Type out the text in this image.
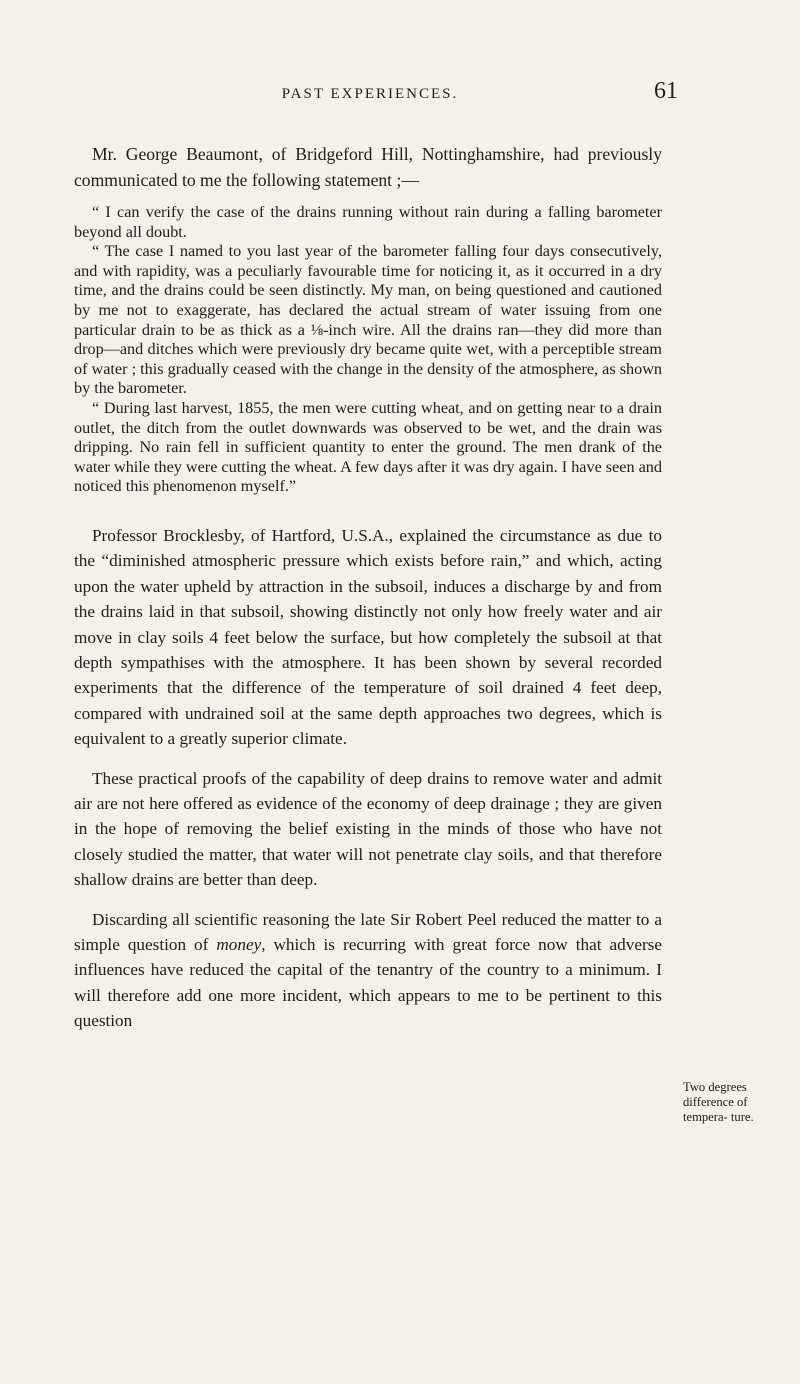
PAST EXPERIENCES.	61

Mr. George Beaumont, of Bridgeford Hill, Nottinghamshire, had previously communicated to me the following statement ;—

“ I can verify the case of the drains running without rain during a falling barometer beyond all doubt.

“ The case I named to you last year of the barometer falling four days consecutively, and with rapidity, was a peculiarly favourable time for noticing it, as it occurred in a dry time, and the drains could be seen distinctly. My man, on being questioned and cautioned by me not to exaggerate, has declared the actual stream of water issuing from one particular drain to be as thick as a ⅛-inch wire. All the drains ran—they did more than drop—and ditches which were previously dry became quite wet, with a perceptible stream of water ; this gradually ceased with the change in the density of the atmosphere, as shown by the barometer.

“ During last harvest, 1855, the men were cutting wheat, and on getting near to a drain outlet, the ditch from the outlet downwards was observed to be wet, and the drain was dripping. No rain fell in sufficient quantity to enter the ground. The men drank of the water while they were cutting the wheat. A few days after it was dry again. I have seen and noticed this phenomenon myself.”

Professor Brocklesby, of Hartford, U.S.A., explained the circumstance as due to the “diminished atmospheric pressure which exists before rain,” and which, acting upon the water upheld by attraction in the subsoil, induces a discharge by and from the drains laid in that subsoil, showing distinctly not only how freely water and air move in clay soils 4 feet below the surface, but how completely the subsoil at that depth sympathises with the atmosphere. It has been shown by several recorded experiments that the difference of the temperature of soil drained 4 feet deep, compared with undrained soil at the same depth approaches two degrees, which is equivalent to a greatly superior climate.

These practical proofs of the capability of deep drains to remove water and admit air are not here offered as evidence of the economy of deep drainage ; they are given in the hope of removing the belief existing in the minds of those who have not closely studied the matter, that water will not penetrate clay soils, and that therefore shallow drains are better than deep.

Discarding all scientific reasoning the late Sir Robert Peel reduced the matter to a simple question of money, which is recurring with great force now that adverse influences have reduced the capital of the tenantry of the country to a minimum. I will therefore add one more incident, which appears to me to be pertinent to this question

Two degrees difference of tempera- ture.
